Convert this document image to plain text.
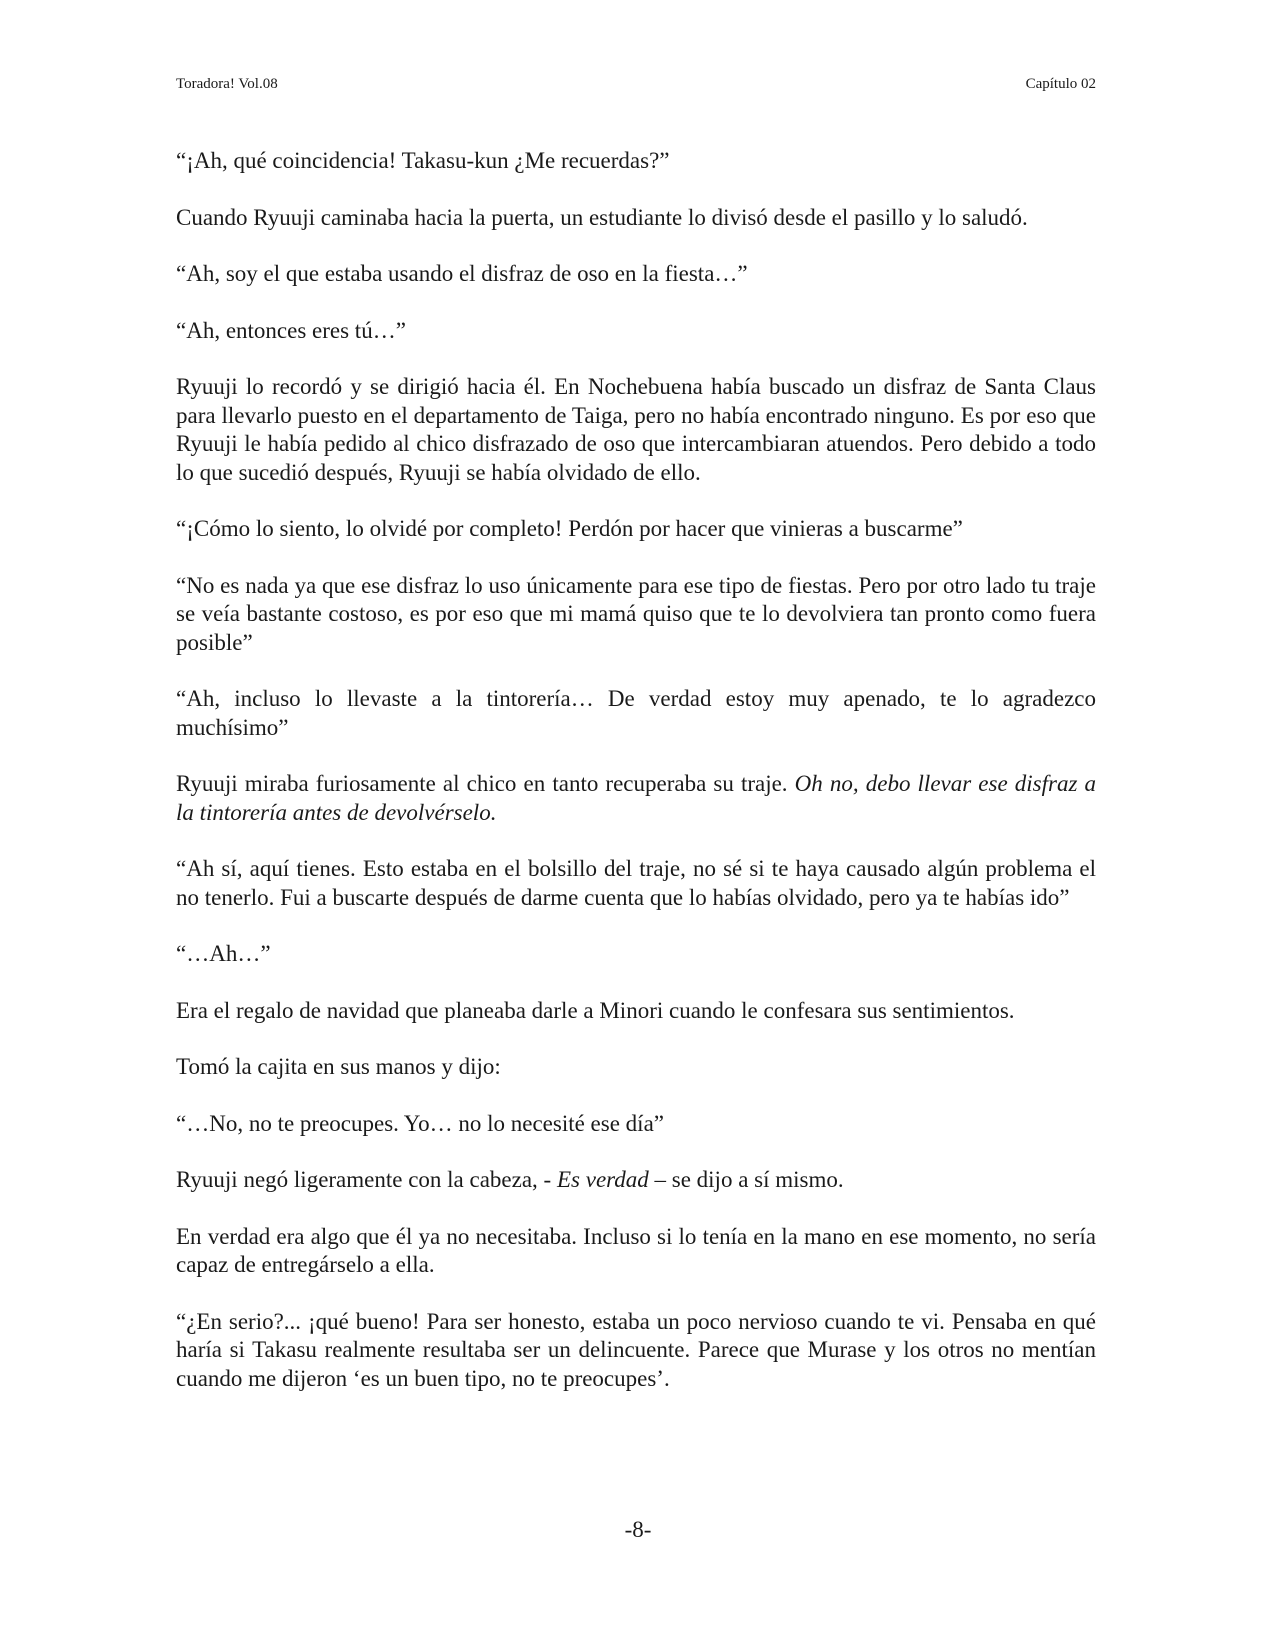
Toradora! Vol.08	Capítulo 02

“¡Ah, qué coincidencia! Takasu-kun ¿Me recuerdas?”

Cuando Ryuuji caminaba hacia la puerta, un estudiante lo divisó desde el pasillo y lo saludó.

“Ah, soy el que estaba usando el disfraz de oso en la fiesta…”

“Ah, entonces eres tú…”

Ryuuji lo recordó y se dirigió hacia él. En Nochebuena había buscado un disfraz de Santa Claus para llevarlo puesto en el departamento de Taiga, pero no había encontrado ninguno. Es por eso que Ryuuji le había pedido al chico disfrazado de oso que intercambiaran atuendos. Pero debido a todo lo que sucedió después, Ryuuji se había olvidado de ello.

“¡Cómo lo siento, lo olvidé por completo! Perdón por hacer que vinieras a buscarme”

“No es nada ya que ese disfraz lo uso únicamente para ese tipo de fiestas. Pero por otro lado tu traje se veía bastante costoso, es por eso que mi mamá quiso que te lo devolviera tan pronto como fuera posible”

“Ah, incluso lo llevaste a la tintorería… De verdad estoy muy apenado, te lo agradezco muchísimo”

Ryuuji miraba furiosamente al chico en tanto recuperaba su traje. Oh no, debo llevar ese disfraz a la tintorería antes de devolvérselo.

“Ah sí, aquí tienes. Esto estaba en el bolsillo del traje, no sé si te haya causado algún problema el no tenerlo. Fui a buscarte después de darme cuenta que lo habías olvidado, pero ya te habías ido”

“…Ah…”

Era el regalo de navidad que planeaba darle a Minori cuando le confesara sus sentimientos.

Tomó la cajita en sus manos y dijo:

“…No, no te preocupes. Yo… no lo necesité ese día”

Ryuuji negó ligeramente con la cabeza, - Es verdad – se dijo a sí mismo.

En verdad era algo que él ya no necesitaba. Incluso si lo tenía en la mano en ese momento, no sería capaz de entregárselo a ella.

“¿En serio?... ¡qué bueno! Para ser honesto, estaba un poco nervioso cuando te vi. Pensaba en qué haría si Takasu realmente resultaba ser un delincuente. Parece que Murase y los otros no mentían cuando me dijeron ‘es un buen tipo, no te preocupes’.

-8-
